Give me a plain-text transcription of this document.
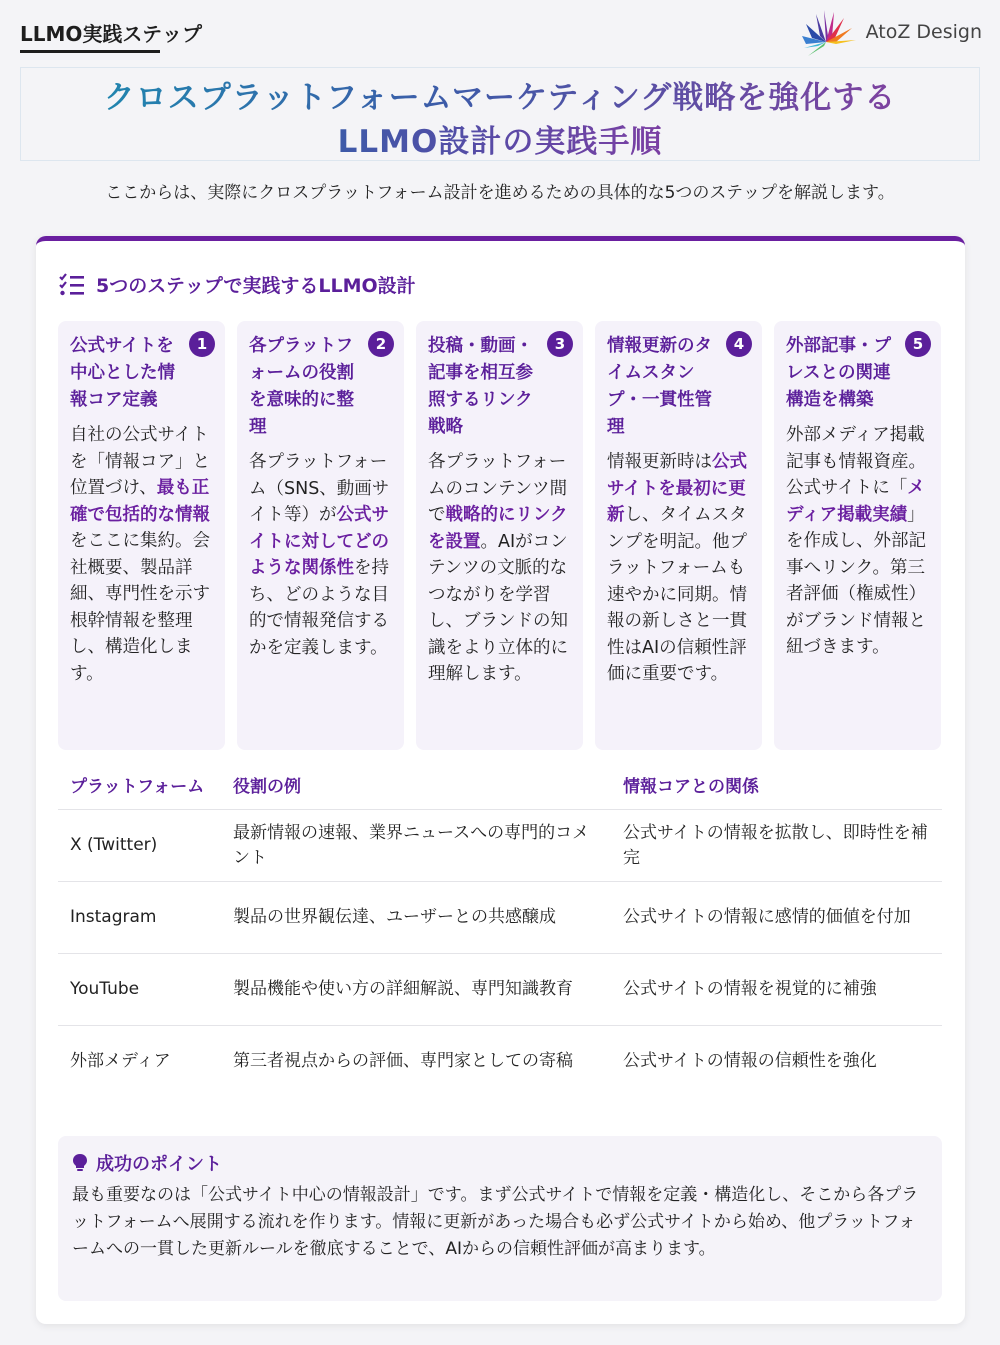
LLMO実践ステップ	AtoZ Design
クロスプラットフォームマーケティング戦略を強化する
LLMO設計の実践手順
ここからは、実際にクロスプラットフォーム設計を進めるための具体的な5つのステップを解説します。
5つのステップで実践するLLMO設計
1
公式サイトを中心とした情報コア定義
自社の公式サイトを「情報コア」と位置づけ、最も正確で包括的な情報をここに集約。会社概要、製品詳細、専門性を示す根幹情報を整理し、構造化します。
2
各プラットフォームの役割を意味的に整理
各プラットフォーム（SNS、動画サイト等）が公式サイトに対してどのような関係性を持ち、どのような目的で情報発信するかを定義します。
3
投稿・動画・記事を相互参照するリンク戦略
各プラットフォームのコンテンツ間で戦略的にリンクを設置。AIがコンテンツの文脈的なつながりを学習し、ブランドの知識をより立体的に理解します。
4
情報更新のタイムスタンプ・一貫性管理
情報更新時は公式サイトを最初に更新し、タイムスタンプを明記。他プラットフォームも速やかに同期。情報の新しさと一貫性はAIの信頼性評価に重要です。
5
外部記事・プレスとの関連構造を構築
外部メディア掲載記事も情報資産。公式サイトに「メディア掲載実績」を作成し、外部記事へリンク。第三者評価（権威性）がブランド情報と紐づきます。
プラットフォーム	役割の例	情報コアとの関係
X (Twitter)	最新情報の速報、業界ニュースへの専門的コメント	公式サイトの情報を拡散し、即時性を補完
Instagram	製品の世界観伝達、ユーザーとの共感醸成	公式サイトの情報に感情的価値を付加
YouTube	製品機能や使い方の詳細解説、専門知識教育	公式サイトの情報を視覚的に補強
外部メディア	第三者視点からの評価、専門家としての寄稿	公式サイトの情報の信頼性を強化
成功のポイント
最も重要なのは「公式サイト中心の情報設計」です。まず公式サイトで情報を定義・構造化し、そこから各プラットフォームへ展開する流れを作ります。情報に更新があった場合も必ず公式サイトから始め、他プラットフォームへの一貫した更新ルールを徹底することで、AIからの信頼性評価が高まります。
